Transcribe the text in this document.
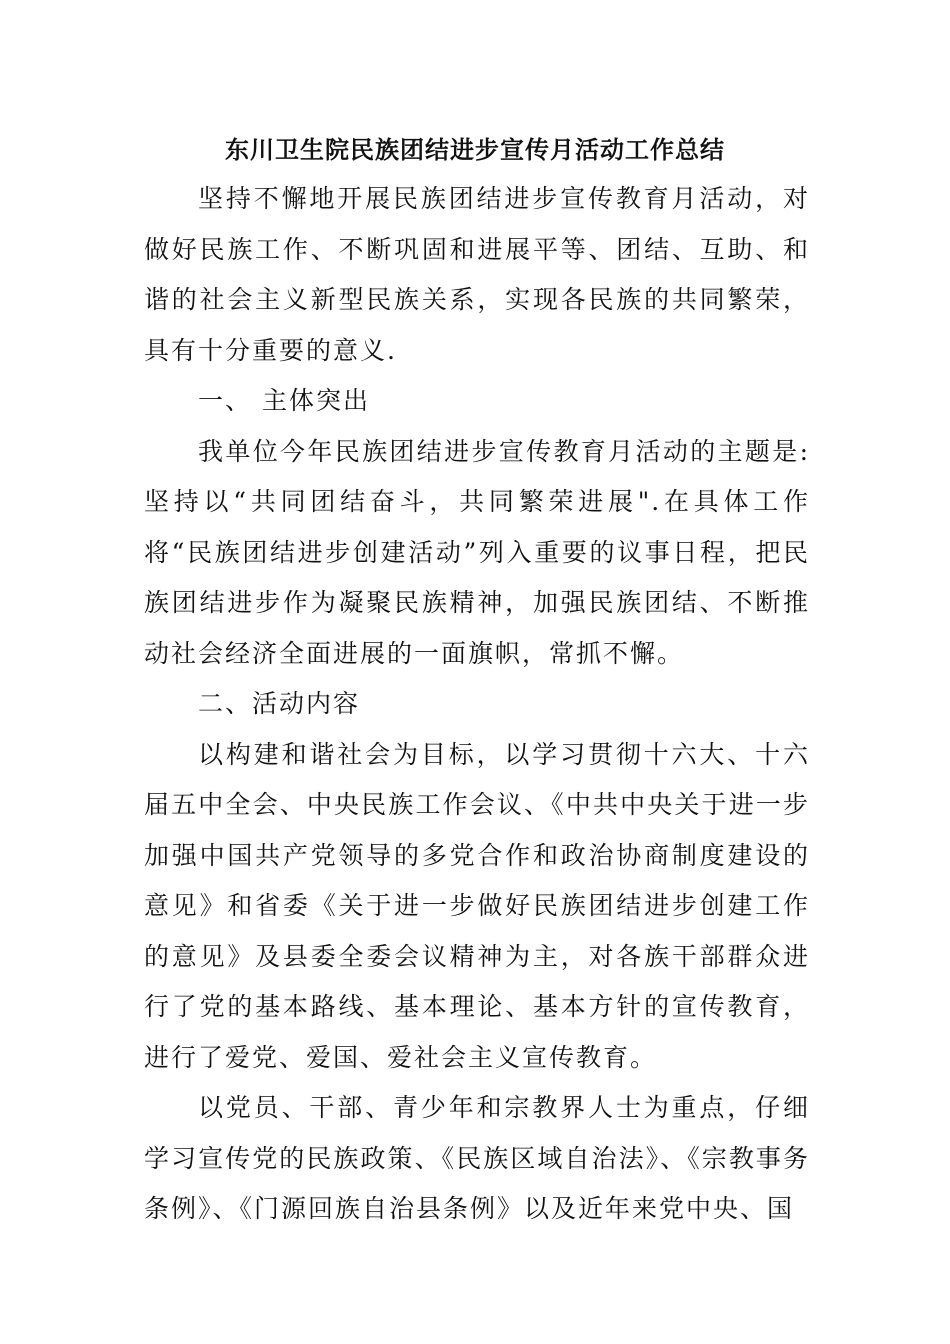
东川卫生院民族团结进步宣传月活动工作总结

坚持不懈地开展民族团结进步宣传教育月活动，对做好民族工作、不断巩固和进展平等、团结、互助、和谐的社会主义新型民族关系，实现各民族的共同繁荣，具有十分重要的意义.

一、 主体突出

我单位今年民族团结进步宣传教育月活动的主题是:坚持以“共同团结奋斗，共同繁荣进展".在具体工作将“民族团结进步创建活动”列入重要的议事日程，把民族团结进步作为凝聚民族精神，加强民族团结、不断推动社会经济全面进展的一面旗帜，常抓不懈。

二、活动内容

以构建和谐社会为目标，以学习贯彻十六大、十六届五中全会、中央民族工作会议、《中共中央关于进一步加强中国共产党领导的多党合作和政治协商制度建设的意见》和省委《关于进一步做好民族团结进步创建工作的意见》及县委全委会议精神为主，对各族干部群众进行了党的基本路线、基本理论、基本方针的宣传教育，进行了爱党、爱国、爱社会主义宣传教育。

以党员、干部、青少年和宗教界人士为重点，仔细学习宣传党的民族政策、《民族区域自治法》、《宗教事务条例》、《门源回族自治县条例》以及近年来党中央、国
